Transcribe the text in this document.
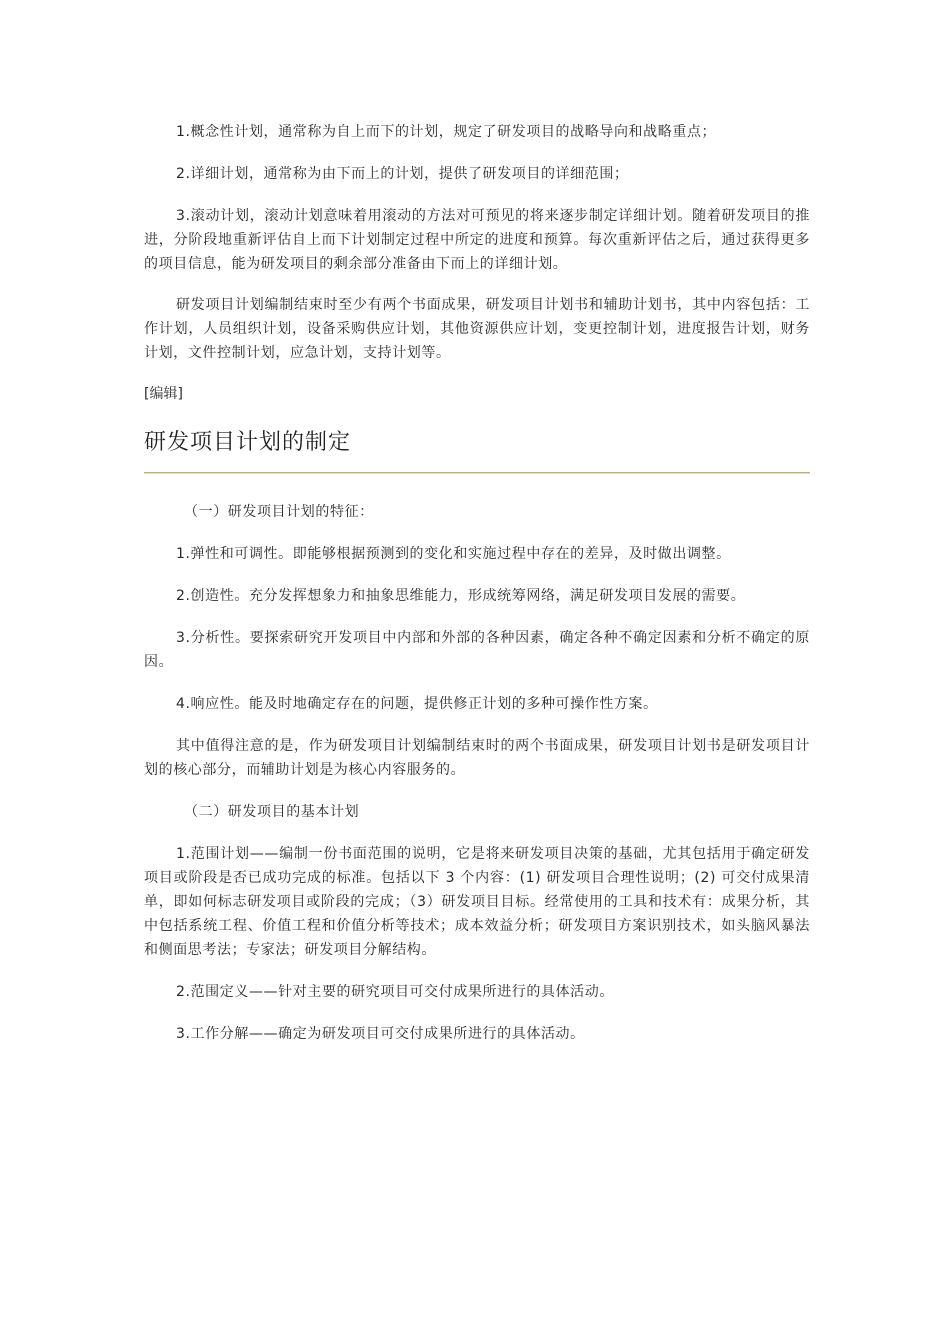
1.概念性计划，通常称为自上而下的计划，规定了研发项目的战略导向和战略重点；

2.详细计划，通常称为由下而上的计划，提供了研发项目的详细范围；

3.滚动计划，滚动计划意味着用滚动的方法对可预见的将来逐步制定详细计划。随着研发项目的推进，分阶段地重新评估自上而下计划制定过程中所定的进度和预算。每次重新评估之后，通过获得更多的项目信息，能为研发项目的剩余部分准备由下而上的详细计划。

研发项目计划编制结束时至少有两个书面成果，研发项目计划书和辅助计划书，其中内容包括：工作计划，人员组织计划，设备采购供应计划，其他资源供应计划，变更控制计划，进度报告计划，财务计划，文件控制计划，应急计划，支持计划等。

[编辑]
研发项目计划的制定

（一）研发项目计划的特征：

1.弹性和可调性。即能够根据预测到的变化和实施过程中存在的差异，及时做出调整。

2.创造性。充分发挥想象力和抽象思维能力，形成统筹网络，满足研发项目发展的需要。

3.分析性。要探索研究开发项目中内部和外部的各种因素，确定各种不确定因素和分析不确定的原因。

4.响应性。能及时地确定存在的问题，提供修正计划的多种可操作性方案。

其中值得注意的是，作为研发项目计划编制结束时的两个书面成果，研发项目计划书是研发项目计划的核心部分，而辅助计划是为核心内容服务的。

（二）研发项目的基本计划

1.范围计划——编制一份书面范围的说明，它是将来研发项目决策的基础，尤其包括用于确定研发项目或阶段是否已成功完成的标准。包括以下 3 个内容：(1) 研发项目合理性说明；(2) 可交付成果清单，即如何标志研发项目或阶段的完成；（3）研发项目目标。经常使用的工具和技术有：成果分析，其中包括系统工程、价值工程和价值分析等技术；成本效益分析；研发项目方案识别技术，如头脑风暴法和侧面思考法；专家法；研发项目分解结构。

2.范围定义——针对主要的研究项目可交付成果所进行的具体活动。

3.工作分解——确定为研发项目可交付成果所进行的具体活动。
